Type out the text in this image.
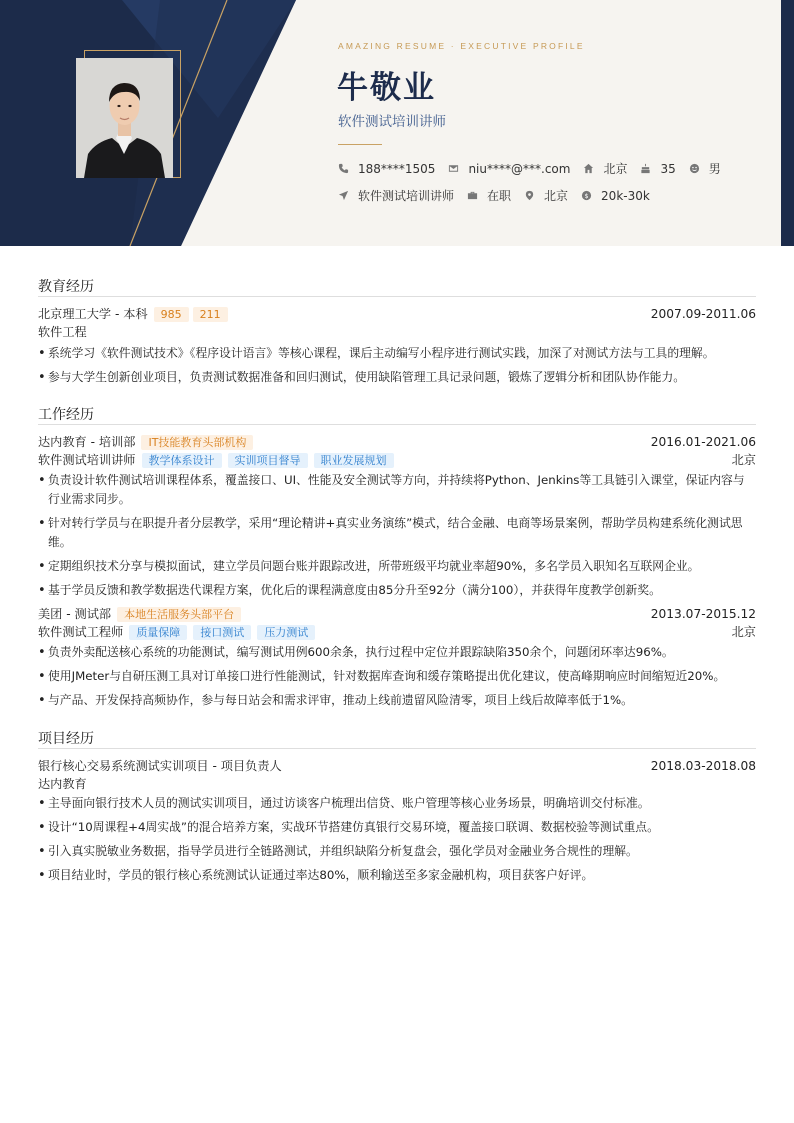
AMAZING RESUME · EXECUTIVE PROFILE
牛敬业
软件测试培训讲师
188****1505	niu****@***.com	北京	35	男
软件测试培训讲师	在职	北京 $ 20k-30k
教育经历
北京理工大学 - 本科	985	211	2007.09-2011.06
软件工程
• 系统学习《软件测试技术》《程序设计语言》等核心课程，课后主动编写小程序进行测试实践，加深了对测试方法与工具的理解。
• 参与大学生创新创业项目，负责测试数据准备和回归测试，使用缺陷管理工具记录问题，锻炼了逻辑分析和团队协作能力。
工作经历
达内教育 - 培训部	IT技能教育头部机构	2016.01-2021.06
软件测试培训讲师	教学体系设计	实训项目督导	职业发展规划	北京
• 负责设计软件测试培训课程体系，覆盖接口、UI、性能及安全测试等方向，并持续将Python、Jenkins等工具链引入课堂，保证内容与行业需求同步。
• 针对转行学员与在职提升者分层教学，采用“理论精讲+真实业务演练”模式，结合金融、电商等场景案例，帮助学员构建系统化测试思维。
• 定期组织技术分享与模拟面试，建立学员问题台账并跟踪改进，所带班级平均就业率超90%，多名学员入职知名互联网企业。
• 基于学员反馈和教学数据迭代课程方案，优化后的课程满意度由85分升至92分（满分100），并获得年度教学创新奖。
美团 - 测试部	本地生活服务头部平台	2013.07-2015.12
软件测试工程师	质量保障	接口测试	压力测试	北京
• 负责外卖配送核心系统的功能测试，编写测试用例600余条，执行过程中定位并跟踪缺陷350余个，问题闭环率达96%。
• 使用JMeter与自研压测工具对订单接口进行性能测试，针对数据库查询和缓存策略提出优化建议，使高峰期响应时间缩短近20%。
• 与产品、开发保持高频协作，参与每日站会和需求评审，推动上线前遗留风险清零，项目上线后故障率低于1%。
项目经历
银行核心交易系统测试实训项目 - 项目负责人	2018.03-2018.08
达内教育
• 主导面向银行技术人员的测试实训项目，通过访谈客户梳理出信贷、账户管理等核心业务场景，明确培训交付标准。
• 设计“10周课程+4周实战”的混合培养方案，实战环节搭建仿真银行交易环境，覆盖接口联调、数据校验等测试重点。
• 引入真实脱敏业务数据，指导学员进行全链路测试，并组织缺陷分析复盘会，强化学员对金融业务合规性的理解。
• 项目结业时，学员的银行核心系统测试认证通过率达80%，顺利输送至多家金融机构，项目获客户好评。
